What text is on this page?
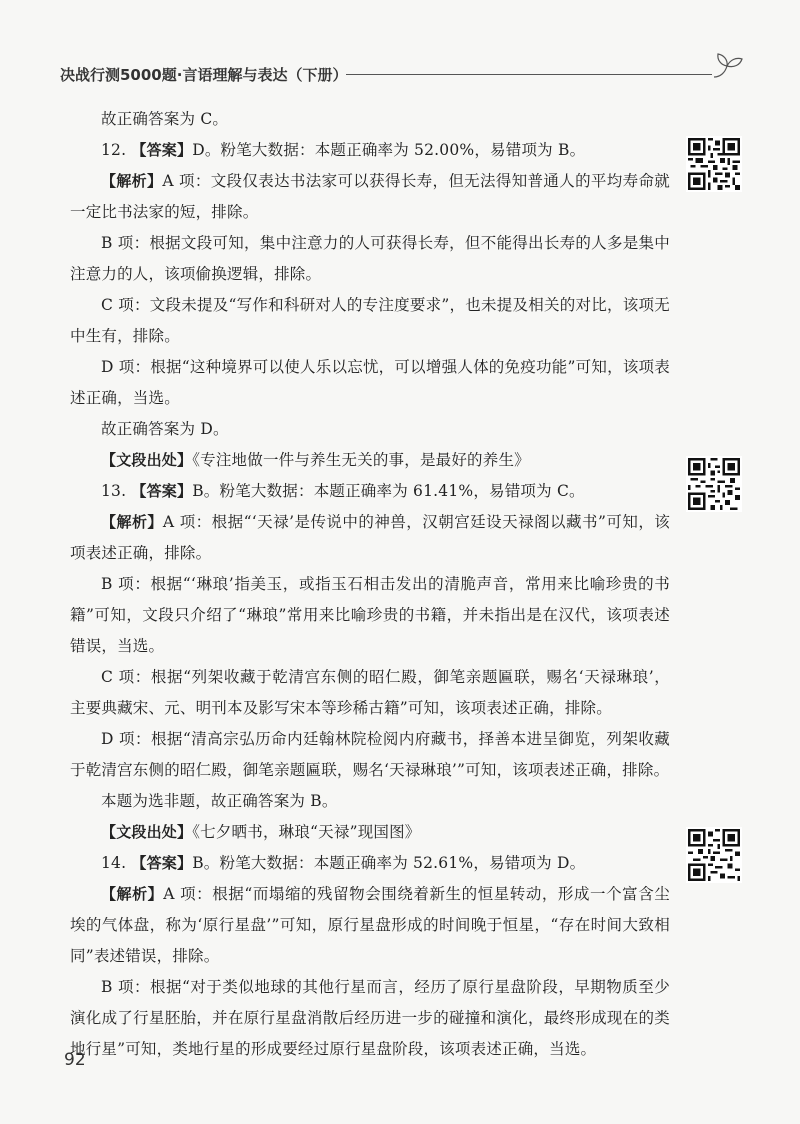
决战行测5000题·言语理解与表达（下册）

故正确答案为 C。

12. 【答案】D。粉笔大数据：本题正确率为 52.00%，易错项为 B。

【解析】A 项：文段仅表达书法家可以获得长寿，但无法得知普通人的平均寿命就一定比书法家的短，排除。

B 项：根据文段可知，集中注意力的人可获得长寿，但不能得出长寿的人多是集中注意力的人，该项偷换逻辑，排除。

C 项：文段未提及“写作和科研对人的专注度要求”，也未提及相关的对比，该项无中生有，排除。

D 项：根据“这种境界可以使人乐以忘忧，可以增强人体的免疫功能”可知，该项表述正确，当选。

故正确答案为 D。

【文段出处】《专注地做一件与养生无关的事，是最好的养生》

13. 【答案】B。粉笔大数据：本题正确率为 61.41%，易错项为 C。

【解析】A 项：根据“‘天禄’是传说中的神兽，汉朝宫廷设天禄阁以藏书”可知，该项表述正确，排除。

B 项：根据“‘琳琅’指美玉，或指玉石相击发出的清脆声音，常用来比喻珍贵的书籍”可知，文段只介绍了“琳琅”常用来比喻珍贵的书籍，并未指出是在汉代，该项表述错误，当选。

C 项：根据“列架收藏于乾清宫东侧的昭仁殿，御笔亲题匾联，赐名‘天禄琳琅’，主要典藏宋、元、明刊本及影写宋本等珍稀古籍”可知，该项表述正确，排除。

D 项：根据“清高宗弘历命内廷翰林院检阅内府藏书，择善本进呈御览，列架收藏于乾清宫东侧的昭仁殿，御笔亲题匾联，赐名‘天禄琳琅’”可知，该项表述正确，排除。

本题为选非题，故正确答案为 B。

【文段出处】《七夕晒书，琳琅“天禄”现国图》

14. 【答案】B。粉笔大数据：本题正确率为 52.61%，易错项为 D。

【解析】A 项：根据“而塌缩的残留物会围绕着新生的恒星转动，形成一个富含尘埃的气体盘，称为‘原行星盘’”可知，原行星盘形成的时间晚于恒星，“存在时间大致相同”表述错误，排除。

B 项：根据“对于类似地球的其他行星而言，经历了原行星盘阶段，早期物质至少演化成了行星胚胎，并在原行星盘消散后经历进一步的碰撞和演化，最终形成现在的类地行星”可知，类地行星的形成要经过原行星盘阶段，该项表述正确，当选。

92
